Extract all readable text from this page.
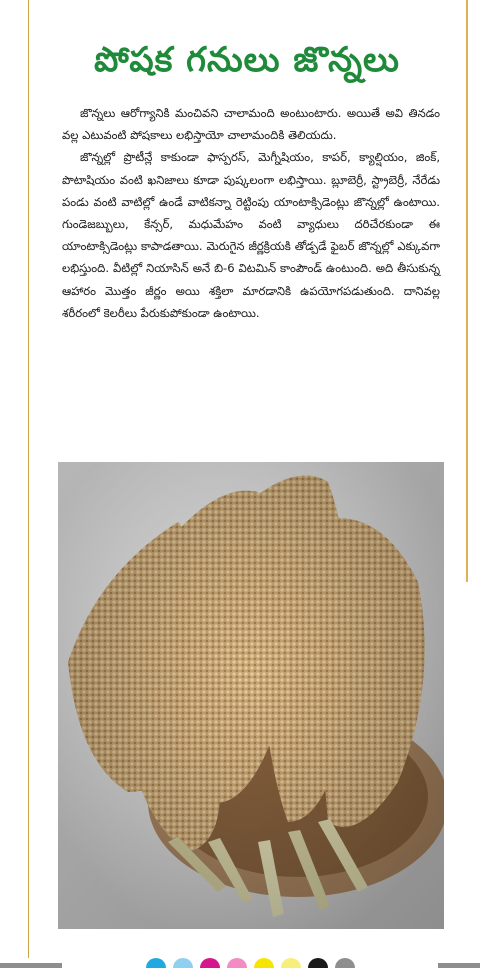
పోషక గనులు జొన్నలు

జొన్నలు ఆరోగ్యానికి మంచివని చాలామంది అంటుంటారు. అయితే అవి తినడం వల్ల ఎటువంటి పోషకాలు లభిస్తాయో చాలామందికి తెలియదు.

జొన్నల్లో ప్రొటీన్లే కాకుండా ఫాస్పరస్, మెగ్నీషియం, కాపర్, క్యాల్షియం, జింక్, పొటాషియం వంటి ఖనిజాలు కూడా పుష్కలంగా లభిస్తాయి. బ్లూబెర్రీ, స్ట్రాబెర్రీ, నేరేడు పండు వంటి వాటిల్లో ఉండే వాటికన్నా రెట్టింపు యాంటాక్సిడెంట్లు జొన్నల్లో ఉంటాయి. గుండెజబ్బులు, కేన్సర్, మధుమేహం వంటి వ్యాధులు దరిచేరకుండా ఈ యాంటాక్సిడెంట్లు కాపాడతాయి. మెరుగైన జీర్ణక్రియకి తోడ్పడే ఫైబర్ జొన్నల్లో ఎక్కువగా లభిస్తుంది. వీటిల్లో నియాసిన్ అనే బి-6 విటమిన్ కాంపౌండ్ ఉంటుంది. అది తీసుకున్న ఆహారం మొత్తం జీర్ణం అయి శక్తిలా మారడానికి ఉపయోగపడుతుంది. దానివల్ల శరీరంలో కెలరీలు పేరుకుపోకుండా ఉంటాయి.
